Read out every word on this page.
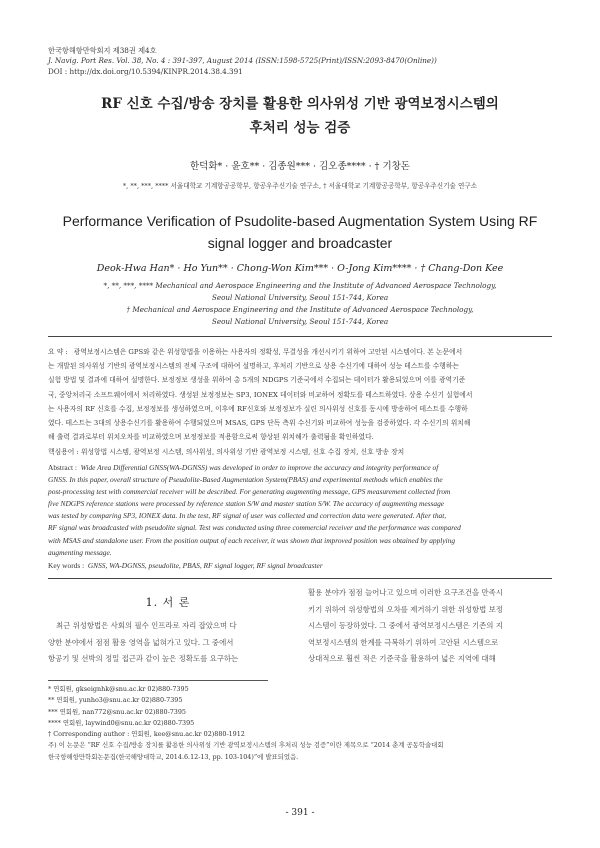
한국항해항만학회지 제38권 제4호
J. Navig. Port Res. Vol. 38, No. 4 : 391-397, August 2014 (ISSN:1598-5725(Print)/ISSN:2093-8470(Online))
DOI : http://dx.doi.org/10.5394/KINPR.2014.38.4.391
RF 신호 수집/방송 장치를 활용한 의사위성 기반 광역보정시스템의
후처리 성능 검증
한덕화* · 윤호** · 김종원*** · 김오종**** · † 기창돈
*, **, ***, **** 서울대학교 기계항공공학부, 항공우주신기술 연구소, † 서울대학교 기계항공공학부, 항공우주신기술 연구소
Performance Verification of Psudolite-based Augmentation System Using RF signal logger and broadcaster
Deok-Hwa Han* · Ho Yun** · Chong-Won Kim*** · O-Jong Kim**** · † Chang-Don Kee
*, **, ***, **** Mechanical and Aerospace Engineering and the Institute of Advanced Aerospace Technology,
Seoul National University, Seoul 151-744, Korea
† Mechanical and Aerospace Engineering and the Institute of Advanced Aerospace Technology,
Seoul National University, Seoul 151-744, Korea
요 약 : 광역보정시스템은 GPS와 같은 위성항법을 이용하는 사용자의 정확성, 무결성을 개선시키기 위하여 고안된 시스템이다. 본 논문에서
는 개발된 의사위성 기반의 광역보정시스템의 전체 구조에 대하여 설명하고, 후처리 기반으로 상용 수신기에 대하여 성능 테스트를 수행하는
실험 방법 및 결과에 대하여 설명한다. 보정정보 생성을 위하여 총 5개의 NDGPS 기준국에서 수집되는 데이터가 활용되었으며 이를 광역기준
국, 중앙처리국 소프트웨어에서 처리하였다. 생성된 보정정보는 SP3, IONEX 데이터와 비교하여 정확도를 테스트하였다. 상용 수신기 실험에서
는 사용자의 RF 신호를 수집, 보정정보를 생성하였으며, 이후에 RF신호와 보정정보가 실린 의사위성 신호를 동시에 방송하여 테스트를 수행하
였다. 테스트는 3대의 상용수신기를 활용하여 수행되었으며 MSAS, GPS 단독 측위 수신기와 비교하여 성능을 검증하였다. 각 수신기의 위치해
해 출력 결과로부터 위치오차를 비교하였으며 보정정보를 적용함으로써 향상된 위치해가 출력됨을 확인하였다.
핵심용어 : 위성항법 시스템, 광역보정 시스템, 의사위성, 의사위성 기반 광역보정 시스템, 신호 수집 장치, 신호 방송 장치
Abstract : Wide Area Differential GNSS(WA-DGNSS) was developed in order to improve the accuracy and integrity performance of
GNSS. In this paper, overall structure of Pseudolite-Based Augmentation System(PBAS) and experimental methods which enables the
post-processing test with commercial receiver will be described. For generating augmenting message, GPS measurement collected from
five NDGPS reference stations were processed by reference station S/W and master station S/W. The accuracy of augmenting message
was tested by comparing SP3, IONEX data. In the test, RF signal of user was collected and correction data were generated. After that,
RF signal was broadcasted with pseudolite signal. Test was conducted using three commercial receiver and the performance was compared
with MSAS and standalone user. From the position output of each receiver, it was shown that improved position was obtained by applying
augmenting message.
Key words : GNSS, WA-DGNSS, pseudolite, PBAS, RF signal logger, RF signal broadcaster
1. 서 론
최근 위성항법은 사회의 필수 인프라로 자리 잡았으며 다
양한 분야에서 점점 활용 영역을 넓혀가고 있다. 그 중에서
항공기 및 선박의 정밀 접근과 같이 높은 정확도를 요구하는
활용 분야가 점점 늘어나고 있으며 이러한 요구조건을 만족시
키기 위하여 위성항법의 오차를 제거하기 위한 위성항법 보정
시스템이 등장하였다. 그 중에서 광역보정시스템은 기존의 지
역보정시스템의 한계를 극복하기 위하여 고안된 시스템으로
상대적으로 훨씬 적은 기준국을 활용하여 넓은 지역에 대해
* 연회원, gkseignhk@snu.ac.kr 02)880-7395
** 연회원, yunho3@snu.ac.kr 02)880-7395
*** 연회원, nan772@snu.ac.kr 02)880-7395
**** 연회원, laywind0@snu.ac.kr 02)880-7395
† Corresponding author : 연회원, kee@snu.ac.kr 02)880-1912
주) 이 논문은 “RF 신호 수집/방송 장치를 활용한 의사위성 기반 광역보정시스템의 후처리 성능 검증”이란 제목으로 “2014 춘계 공동학술대회
한국항해항만학회논문집(한국해양대학교, 2014.6.12-13, pp. 103-104)”에 발표되었음.
- 391 -
